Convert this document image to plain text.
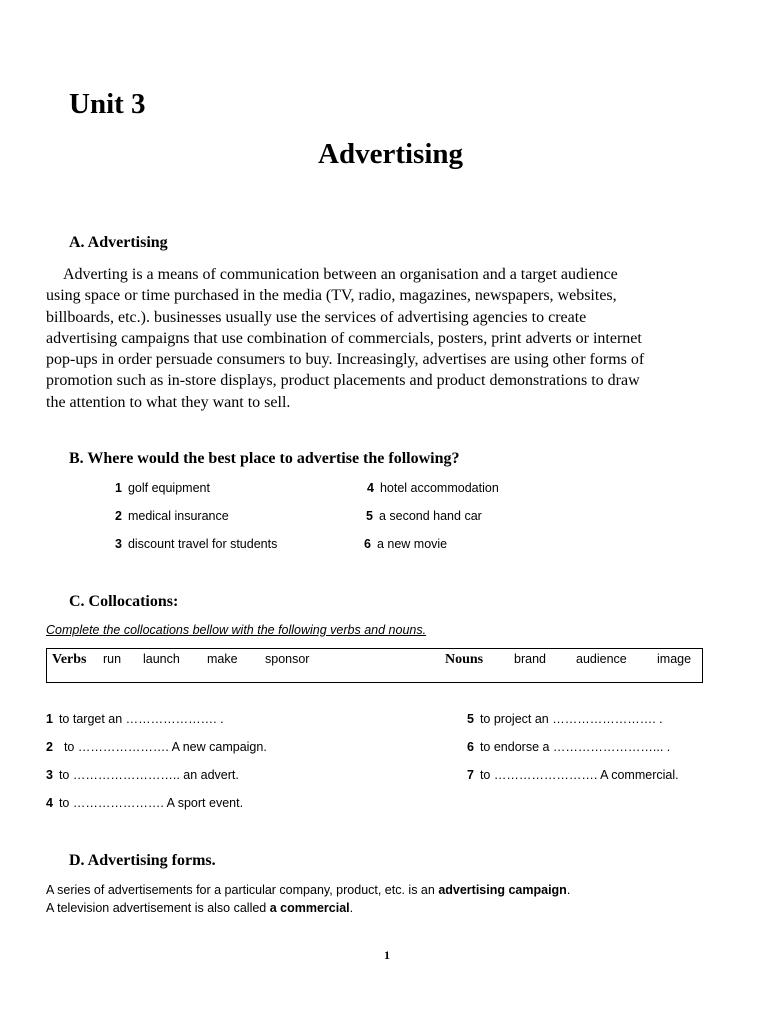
Unit 3
Advertising
A. Advertising
Adverting is a means of communication between an organisation and a target audience
using space or time purchased in the media (TV, radio, magazines, newspapers, websites,
billboards, etc.). businesses usually use the services of advertising agencies to create
advertising campaigns that use combination of commercials, posters, print adverts or internet
pop-ups in order persuade consumers to buy. Increasingly, advertises are using other forms of
promotion such as in-store displays, product placements and product demonstrations to draw
the attention to what they want to sell.
B. Where would the best place to advertise the following?
1 golf equipment
2 medical insurance
3 discount travel for students
4 hotel accommodation
5 a second hand car
6 a new movie
C. Collocations:
Complete the collocations bellow with the following verbs and nouns.
Verbs run launch make sponsor	Nouns brand audience image
1 to target an …………………. .
2 to …………………. A new campaign.
3 to …………………….. an advert.
4 to …………………. A sport event.
5 to project an ……………………. .
6 to endorse a ……………………... .
7 to ……………………. A commercial.
D. Advertising forms.
A series of advertisements for a particular company, product, etc. is an advertising campaign.
A television advertisement is also called a commercial.
1
